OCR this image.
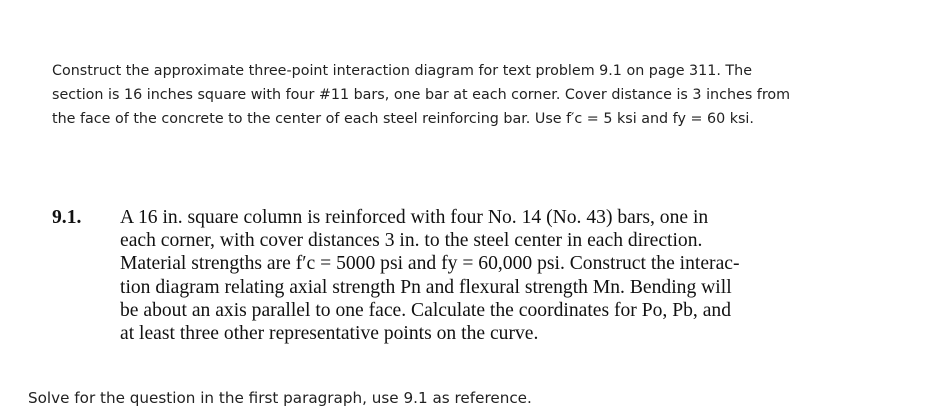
Construct the approximate three-point interaction diagram for text problem 9.1 on page 311. The

section is 16 inches square with four #11 bars, one bar at each corner. Cover distance is 3 inches from

the face of the concrete to the center of each steel reinforcing bar. Use f′c = 5 ksi and fy = 60 ksi.

9.1. A 16 in. square column is reinforced with four No. 14 (No. 43) bars, one in

each corner, with cover distances 3 in. to the steel center in each direction.

Material strengths are f′c = 5000 psi and fy = 60,000 psi. Construct the interac-

tion diagram relating axial strength Pn and flexural strength Mn. Bending will

be about an axis parallel to one face. Calculate the coordinates for Po, Pb, and

at least three other representative points on the curve.

Solve for the question in the first paragraph, use 9.1 as reference.
